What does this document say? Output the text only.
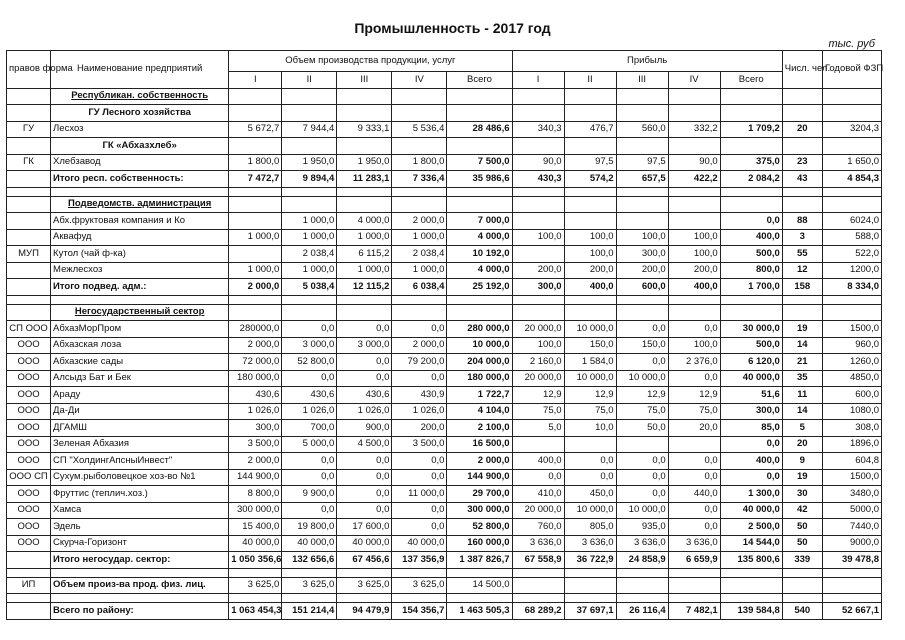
Промышленность - 2017 год
тыс. руб
правов форма	Наименование предприятий	Объем производства продукции, услуг					Прибыль					Числ. чел.	Годовой ФЗП
		I	II	III	IV	Всего	I	II	III	IV	Всего		
	Республикан. собственность												
	ГУ Лесного хозяйства												
ГУ	Лесхоз	5 672,7	7 944,4	9 333,1	5 536,4	28 486,6	340,3	476,7	560,0	332,2	1 709,2	20	3204,3
	ГК «Абхазхлеб»												
ГК	Хлебзавод	1 800,0	1 950,0	1 950,0	1 800,0	7 500,0	90,0	97,5	97,5	90,0	375,0	23	1 650,0
	Итого респ. собственность:	7 472,7	9 894,4	11 283,1	7 336,4	35 986,6	430,3	574,2	657,5	422,2	2 084,2	43	4 854,3

	Подведомств. администрация												
	Абх.фруктовая компания и Ко		1 000,0	4 000,0	2 000,0	7 000,0					0,0	88	6024,0
	Аквафуд	1 000,0	1 000,0	1 000,0	1 000,0	4 000,0	100,0	100,0	100,0	100,0	400,0	3	588,0
МУП	Кутол (чай ф-ка)		2 038,4	6 115,2	2 038,4	10 192,0		100,0	300,0	100,0	500,0	55	522,0
	Межлесхоз	1 000,0	1 000,0	1 000,0	1 000,0	4 000,0	200,0	200,0	200,0	200,0	800,0	12	1200,0
	Итого подвед. адм.:	2 000,0	5 038,4	12 115,2	6 038,4	25 192,0	300,0	400,0	600,0	400,0	1 700,0	158	8 334,0

	Негосударственный сектор												
СП ООО	АбхазМорПром	280000,0	0,0	0,0	0,0	280 000,0	20 000,0	10 000,0	0,0	0,0	30 000,0	19	1500,0
ООО	Абхазская лоза	2 000,0	3 000,0	3 000,0	2 000,0	10 000,0	100,0	150,0	150,0	100,0	500,0	14	960,0
ООО	Абхазские сады	72 000,0	52 800,0	0,0	79 200,0	204 000,0	2 160,0	1 584,0	0,0	2 376,0	6 120,0	21	1260,0
ООО	Алсыдз Бат и Бек	180 000,0	0,0	0,0	0,0	180 000,0	20 000,0	10 000,0	10 000,0	0,0	40 000,0	35	4850,0
ООО	Араду	430,6	430,6	430,6	430,9	1 722,7	12,9	12,9	12,9	12,9	51,6	11	600,0
ООО	Да-Ди	1 026,0	1 026,0	1 026,0	1 026,0	4 104,0	75,0	75,0	75,0	75,0	300,0	14	1080,0
ООО	ДГАМШ	300,0	700,0	900,0	200,0	2 100,0	5,0	10,0	50,0	20,0	85,0	5	308,0
ООО	Зеленая Абхазия	3 500,0	5 000,0	4 500,0	3 500,0	16 500,0					0,0	20	1896,0
ООО	СП "ХолдингАпсныИнвест"	2 000,0	0,0	0,0	0,0	2 000,0	400,0	0,0	0,0	0,0	400,0	9	604,8
ООО СП	Сухум.рыболовецкое хоз-во №1	144 900,0	0,0	0,0	0,0	144 900,0	0,0	0,0	0,0	0,0	0,0	19	1500,0
ООО	Фруттис (теплич.хоз.)	8 800,0	9 900,0	0,0	11 000,0	29 700,0	410,0	450,0	0,0	440,0	1 300,0	30	3480,0
ООО	Хамса	300 000,0	0,0	0,0	0,0	300 000,0	20 000,0	10 000,0	10 000,0	0,0	40 000,0	42	5000,0
ООО	Эдель	15 400,0	19 800,0	17 600,0	0,0	52 800,0	760,0	805,0	935,0	0,0	2 500,0	50	7440,0
ООО	Скурча-Горизонт	40 000,0	40 000,0	40 000,0	40 000,0	160 000,0	3 636,0	3 636,0	3 636,0	3 636,0	14 544,0	50	9000,0
	Итого негосудар. сектор:	1 050 356,6	132 656,6	67 456,6	137 356,9	1 387 826,7	67 558,9	36 722,9	24 858,9	6 659,9	135 800,6	339	39 478,8

ИП	Объем произ-ва прод. физ. лиц.	3 625,0	3 625,0	3 625,0	3 625,0	14 500,0							

	Всего по району:	1 063 454,3	151 214,4	94 479,9	154 356,7	1 463 505,3	68 289,2	37 697,1	26 116,4	7 482,1	139 584,8	540	52 667,1
